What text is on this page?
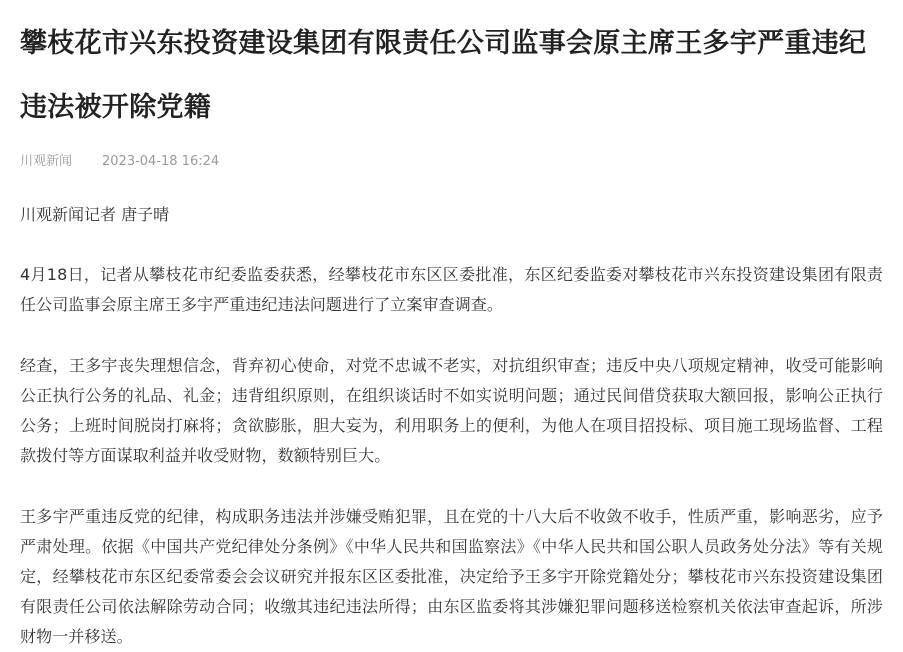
攀枝花市兴东投资建设集团有限责任公司监事会原主席王多宇严重违纪违法被开除党籍
川观新闻 2023-04-18 16:24
川观新闻记者 唐子晴

4月18日，记者从攀枝花市纪委监委获悉，经攀枝花市东区区委批准，东区纪委监委对攀枝花市兴东投资建设集团有限责任公司监事会原主席王多宇严重违纪违法问题进行了立案审查调查。

经查，王多宇丧失理想信念，背弃初心使命，对党不忠诚不老实，对抗组织审查；违反中央八项规定精神，收受可能影响公正执行公务的礼品、礼金；违背组织原则，在组织谈话时不如实说明问题；通过民间借贷获取大额回报，影响公正执行公务；上班时间脱岗打麻将；贪欲膨胀，胆大妄为，利用职务上的便利，为他人在项目招投标、项目施工现场监督、工程款拨付等方面谋取利益并收受财物，数额特别巨大。

王多宇严重违反党的纪律，构成职务违法并涉嫌受贿犯罪，且在党的十八大后不收敛不收手，性质严重，影响恶劣，应予严肃处理。依据《中国共产党纪律处分条例》《中华人民共和国监察法》《中华人民共和国公职人员政务处分法》等有关规定，经攀枝花市东区纪委常委会会议研究并报东区区委批准，决定给予王多宇开除党籍处分；攀枝花市兴东投资建设集团有限责任公司依法解除劳动合同；收缴其违纪违法所得；由东区监委将其涉嫌犯罪问题移送检察机关依法审查起诉，所涉财物一并移送。
